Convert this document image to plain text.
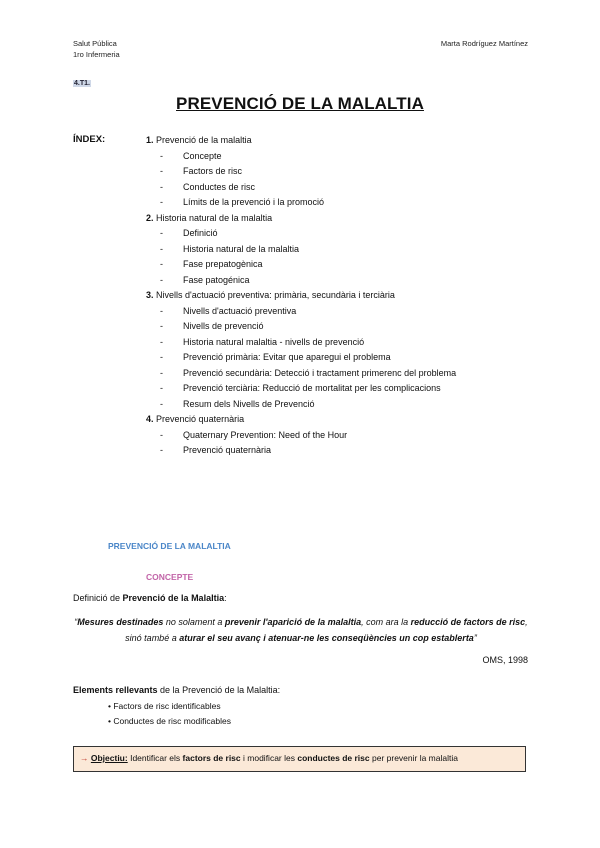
Salut Pública
1ro Infermeria
Marta Rodríguez Martínez
4.T1.
PREVENCIÓ DE LA MALALTIA
ÍNDEX:	1. Prevenció de la malaltia
- Concepte
- Factors de risc
- Conductes de risc
- Límits de la prevenció i la promoció
2. Historia natural de la malaltia
- Definició
- Historia natural de la malaltia
- Fase prepatogènica
- Fase patogénica
3. Nivells d'actuació preventiva: primària, secundària i terciària
- Nivells d'actuació preventiva
- Nivells de prevenció
- Historia natural malaltia - nivells de prevenció
- Prevenció primària: Evitar que aparegui el problema
- Prevenció secundària: Detecció i tractament primerenc del problema
- Prevenció terciària: Reducció de mortalitat per les complicacions
- Resum dels Nivells de Prevenció
4. Prevenció quaternària
- Quaternary Prevention: Need of the Hour
- Prevenció quaternària
PREVENCIÓ DE LA MALALTIA
CONCEPTE
Definició de Prevenció de la Malaltia:
“Mesures destinades no solament a prevenir l'aparició de la malaltia, com ara la reducció de factors de risc, sinó també a aturar el seu avanç i atenuar-ne les conseqüències un cop establerta”
OMS, 1998
Elements rellevants de la Prevenció de la Malaltia:
• Factors de risc identificables
• Conductes de risc modificables
→ Objectiu: Identificar els factors de risc i modificar les conductes de risc per prevenir la malaltia
